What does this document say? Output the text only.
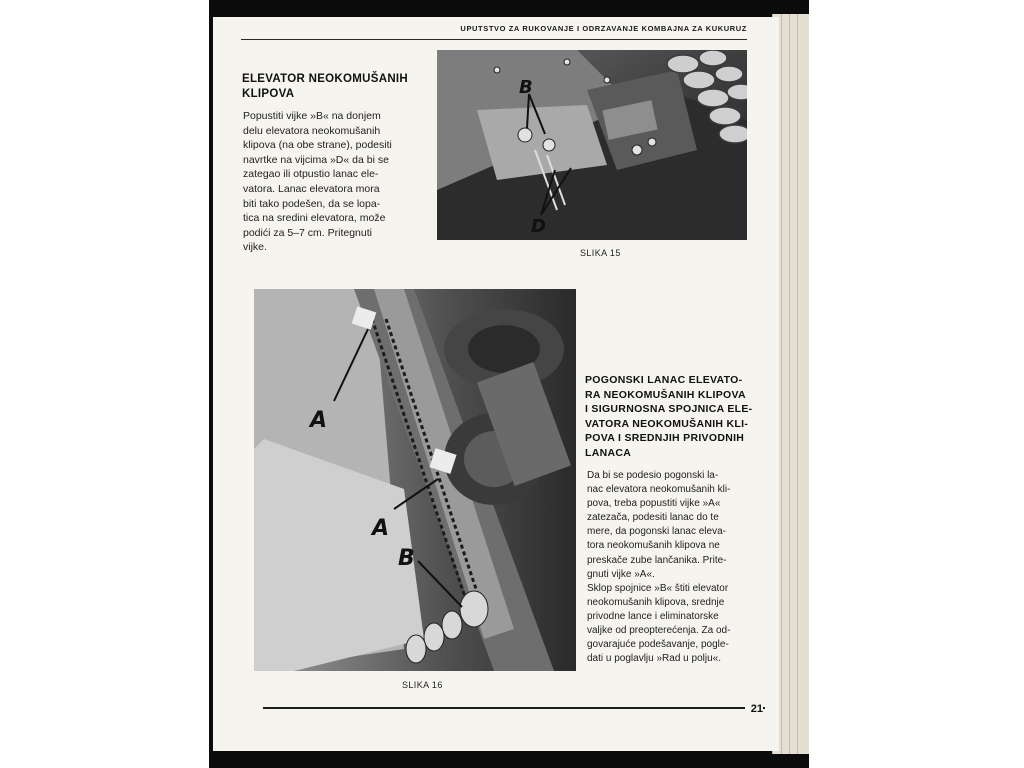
UPUTSTVO ZA RUKOVANJE I ODRZAVANJE KOMBAJNA ZA KUKURUZ
ELEVATOR NEOKOMUŠANIH
KLIPOVA
Popustiti vijke »B« na donjem
delu elevatora neokomušanih
klipova (na obe strane), podesiti
navrtke na vijcima »D« da bi se
zategao ili otpustio lanac ele-
vatora. Lanac elevatora mora
biti tako podešen, da se lopa-
tica na sredini elevatora, može
podići za 5–7 cm. Pritegnuti
vijke.
B
D
SLIKA 15
A
A
B
SLIKA 16
POGONSKI LANAC ELEVATO-
RA NEOKOMUŠANIH KLIPOVA
I SIGURNOSNA SPOJNICA ELE-
VATORA NEOKOMUŠANIH KLI-
POVA I SREDNJIH PRIVODNIH
LANACA
Da bi se podesio pogonski la-
nac elevatora neokomušanih kli-
pova, treba popustiti vijke »A«
zatezača, podesiti lanac do te
mere, da pogonski lanac eleva-
tora neokomušanih klipova ne
preskače zube lančanika. Prite-
gnuti vijke »A«.
Sklop spojnice »B« štiti elevator
neokomušanih klipova, srednje
privodne lance i eliminatorske
valjke od preopterećenja. Za od-
govarajuće podešavanje, pogle-
dati u poglavlju »Rad u polju«.
21
